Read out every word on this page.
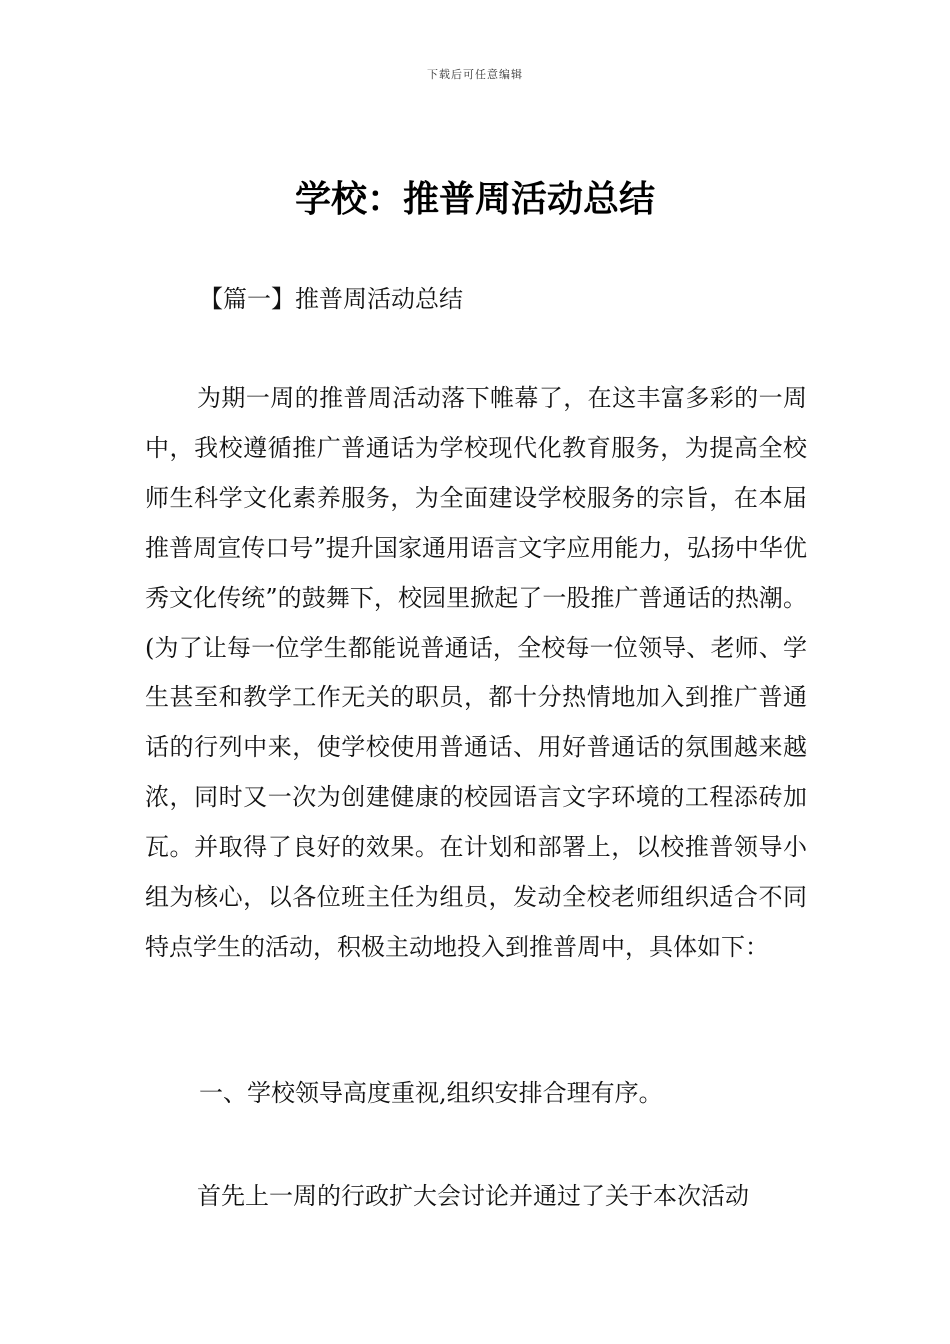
下载后可任意编辑
学校：推普周活动总结
【篇一】推普周活动总结

为期一周的推普周活动落下帷幕了，在这丰富多彩的一周中，我校遵循推广普通话为学校现代化教育服务，为提高全校师生科学文化素养服务，为全面建设学校服务的宗旨，在本届推普周宣传口号”提升国家通用语言文字应用能力，弘扬中华优秀文化传统”的鼓舞下，校园里掀起了一股推广普通话的热潮。(为了让每一位学生都能说普通话，全校每一位领导、老师、学生甚至和教学工作无关的职员，都十分热情地加入到推广普通话的行列中来，使学校使用普通话、用好普通话的氛围越来越浓，同时又一次为创建健康的校园语言文字环境的工程添砖加瓦。并取得了良好的效果。在计划和部署上，以校推普领导小组为核心，以各位班主任为组员，发动全校老师组织适合不同特点学生的活动，积极主动地投入到推普周中，具体如下：

一、学校领导高度重视,组织安排合理有序。

首先上一周的行政扩大会讨论并通过了关于本次活动
